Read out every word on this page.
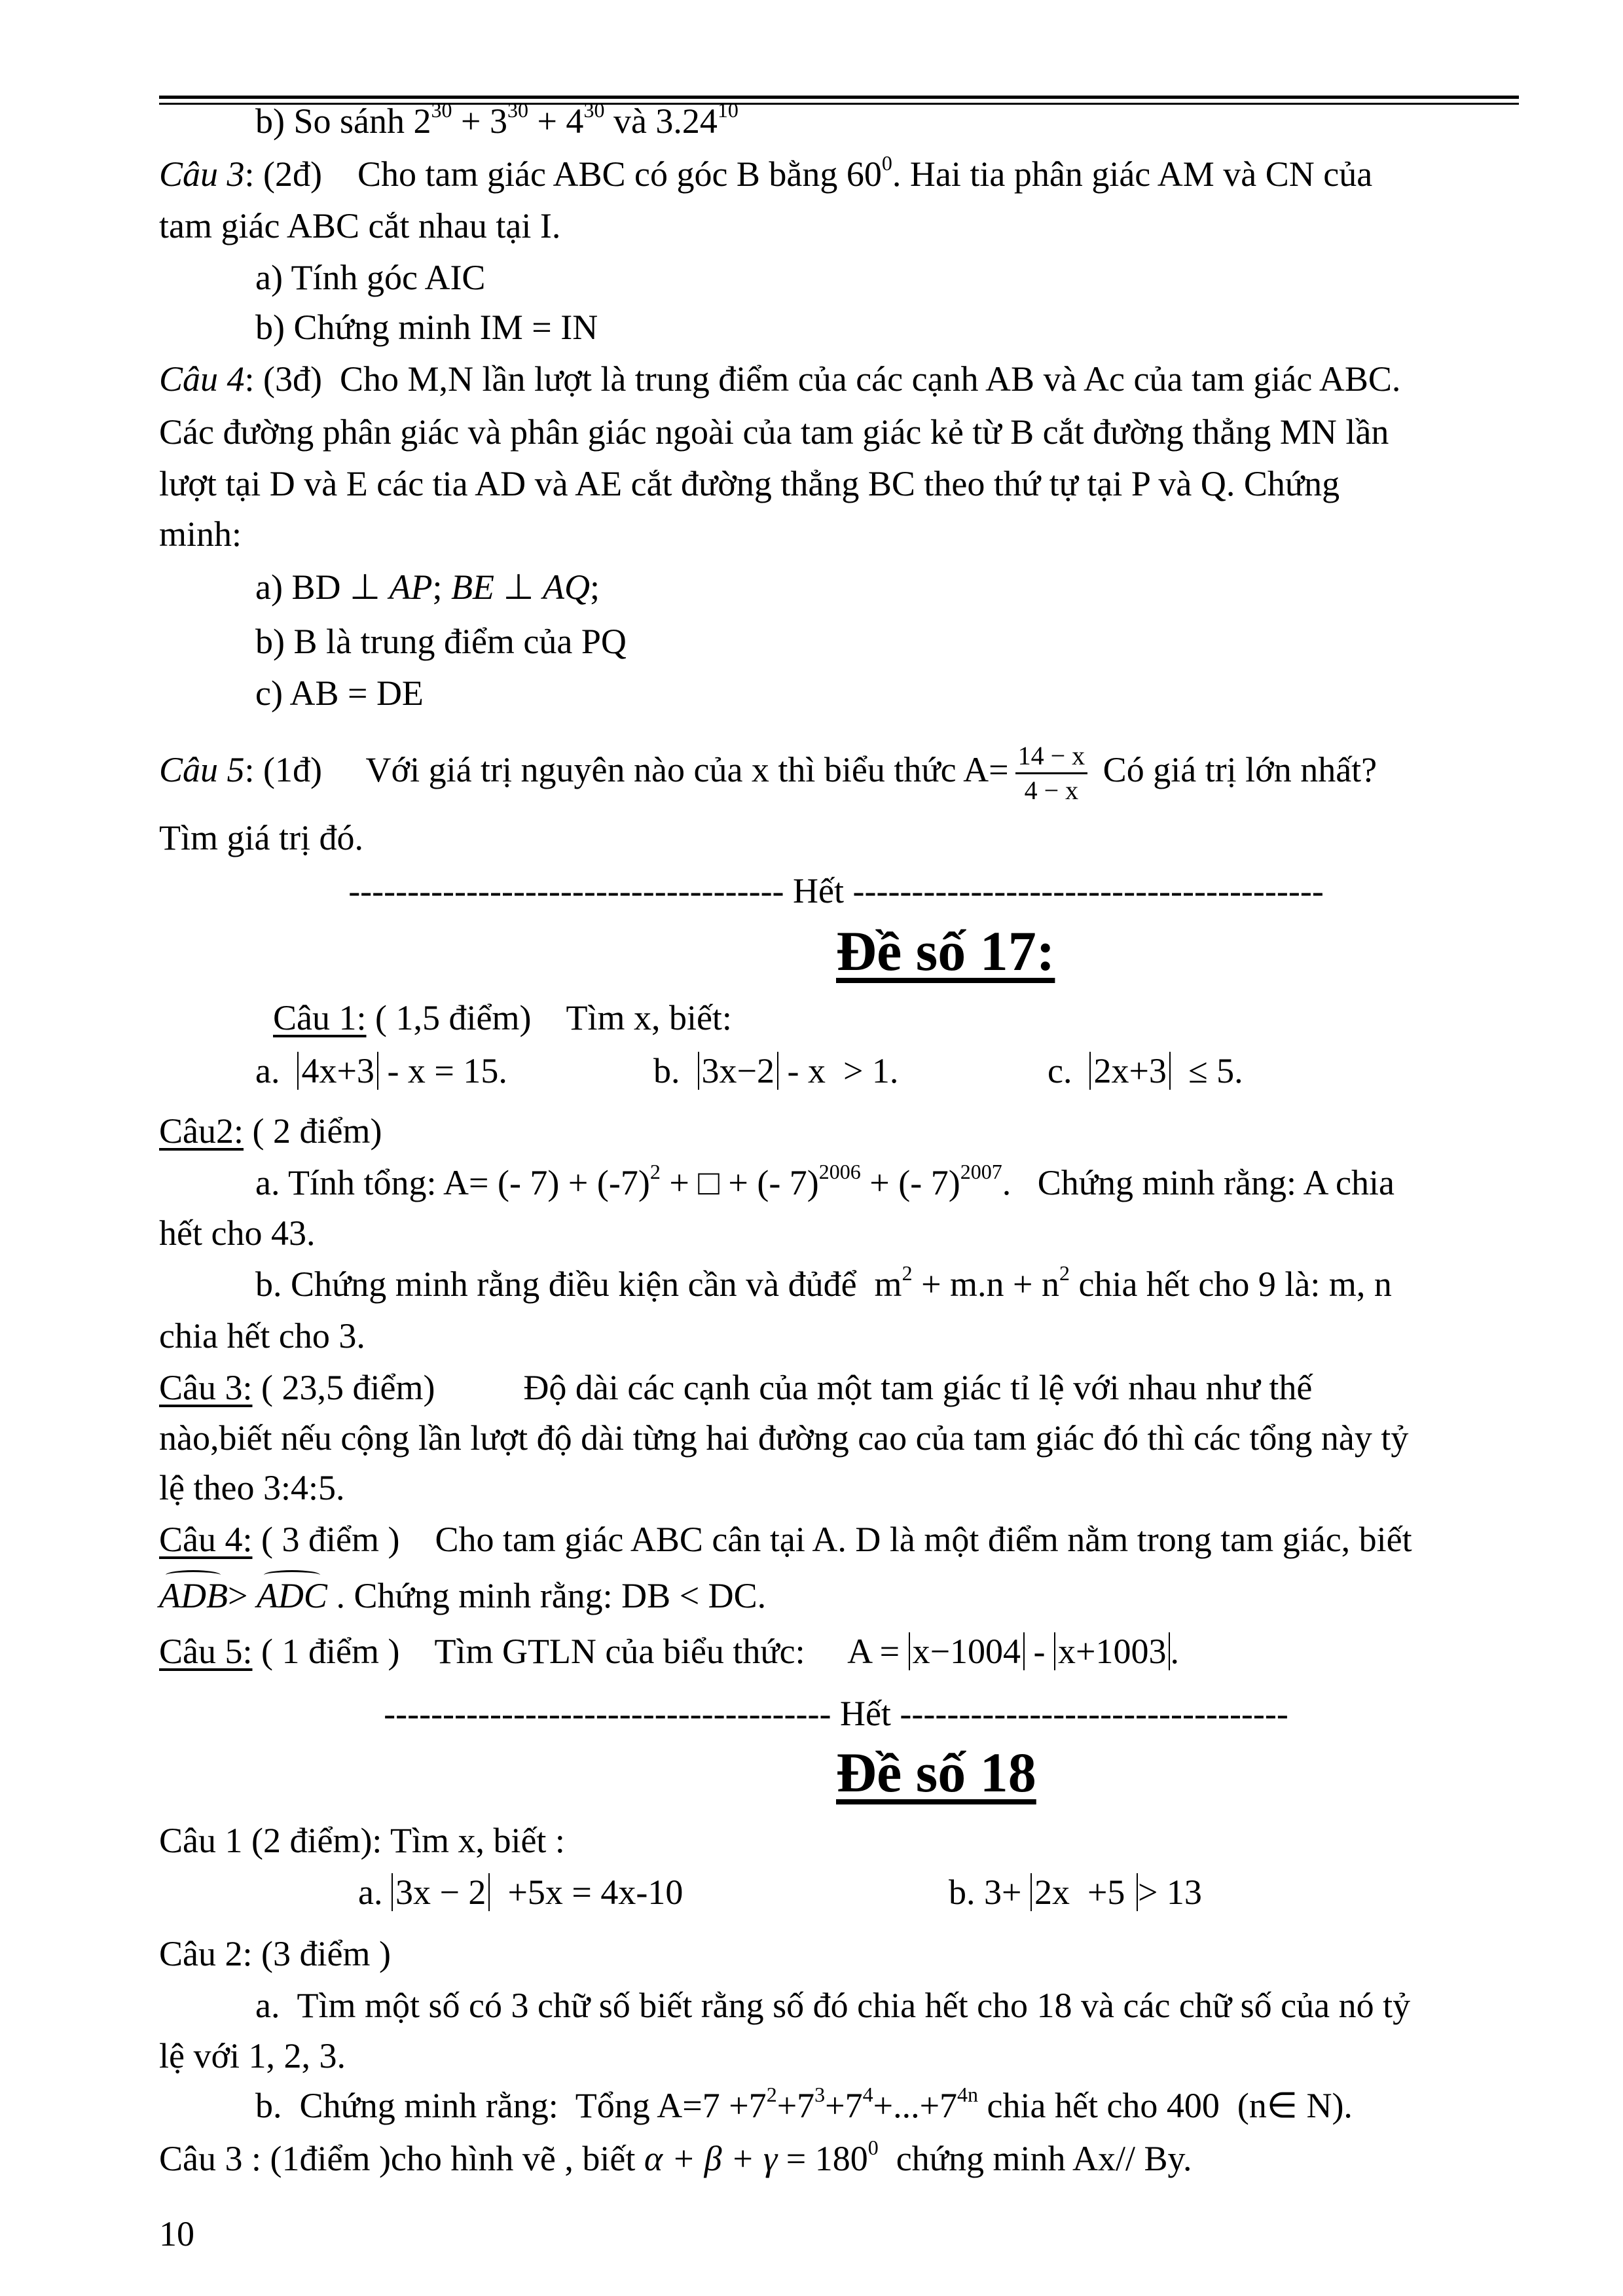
b) So sánh $2^{30} + 3^{30} + 4^{30}$ và 3.24$^{10}$
Câu 3: (2đ)    Cho tam giác ABC có góc B bằng $60^0$. Hai tia phân giác AM và CN của
tam giác ABC cắt nhau tại I.
a) Tính góc AIC
b) Chứng minh IM = IN
Câu 4: (3đ)  Cho M,N lần lượt là trung điểm của các cạnh AB và Ac của tam giác ABC.
Các đường phân giác và phân giác ngoài của tam giác kẻ từ B cắt đường thẳng MN lần
lượt tại D và E các tia AD và AE cắt đường thẳng BC theo thứ tự tại P và Q. Chứng
minh:
a) BD ⊥ AP; BE ⊥ AQ;
b) B là trung điểm của PQ
c) AB = DE
Câu 5: (1đ)     Với giá trị nguyên nào của x thì biểu thức $A= \frac{14 - x}{4 - x}$ Có giá trị lớn nhất?
Tìm giá trị đó.
------------------------------------- Hết ----------------------------------------
Đề số 17:
Câu 1: ( 1,5 điểm)    Tìm x, biết:
a.  4x+3 - x = 15.	b.  3x−2 - x  > 1.	c.  2x+3  ≤ 5.
Câu2: ( 2 điểm)
a. Tính tổng: A= (- $7) + (-7)^2$ + □ + (- 7)$^{2006}$ + (- 7)$^{2007}$.   Chứng minh rằng: A chia
hết cho 43.
b. Chứng minh rằng điều kiện cần và đủđể  $m^2 + m.n + n^2$ chia hết cho 9 là: m, n
chia hết cho 3.
Câu 3: ( 23,5 điểm)          Độ dài các cạnh của một tam giác tỉ lệ với nhau như thế
nào,biết nếu cộng lần lượt độ dài từng hai đường cao của tam giác đó thì các tổng này tỷ
lệ theo 3:4:5.
Câu 4: ( 3 điểm )    Cho tam giác ABC cân tại A. D là một điểm nằm trong tam giác, biết
ADB> ADC . Chứng minh rằng: DB < DC.
Câu 5: ( 1 điểm )    Tìm GTLN của biểu thức:     A = x−1004 - x+1003 .
-------------------------------------- Hết ---------------------------------
Đề số 18
Câu 1 (2 điểm): Tìm x, biết :
a. 3x − 2  +5x = 4x-10	b. 3+ 2x  +5 > 13
Câu 2: (3 điểm )
a.  Tìm một số có 3 chữ số biết rằng số đó chia hết cho 18 và các chữ số của nó tỷ
lệ với 1, 2, 3.
b.  Chứng minh rằng:  Tổng $A=7 +7^2+7^3+7^4+...+7^{4n}$ chia hết cho 400  (n∈ N).
Câu 3 : (1điểm )cho hình vẽ , biết $\alpha + \beta + \gamma = 180^0$  chứng minh Ax// By.
10
